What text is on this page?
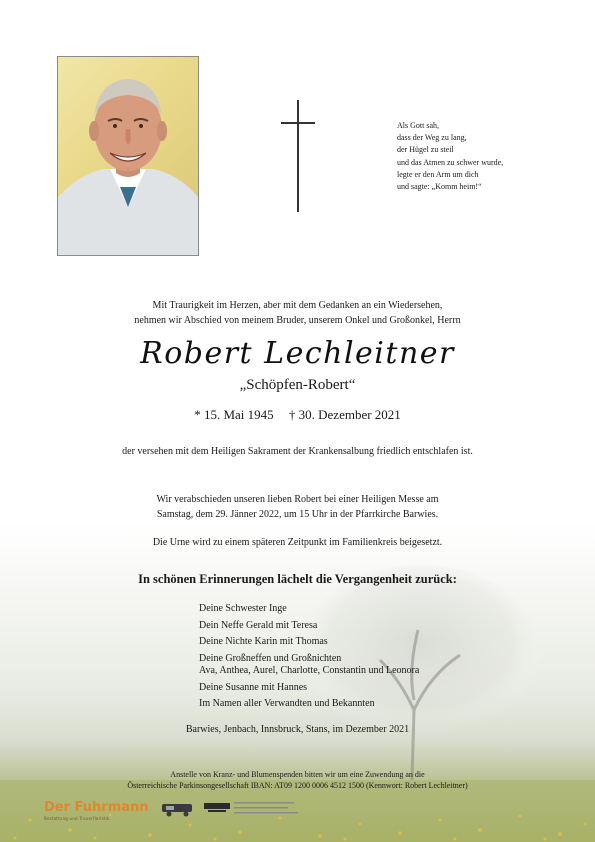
Als Gott sah,
dass der Weg zu lang,
der Hügel zu steil
und das Atmen zu schwer wurde,
legte er den Arm um dich
und sagte: „Komm heim!“
Mit Traurigkeit im Herzen, aber mit dem Gedanken an ein Wiedersehen,
nehmen wir Abschied von meinem Bruder, unserem Onkel und Großonkel, Herrn
Robert Lechleitner
„Schöpfen-Robert“
* 15. Mai 1945 † 30. Dezember 2021
der versehen mit dem Heiligen Sakrament der Krankensalbung friedlich entschlafen ist.
Wir verabschieden unseren lieben Robert bei einer Heiligen Messe am
Samstag, dem 29. Jänner 2022, um 15 Uhr in der Pfarrkirche Barwies.
Die Urne wird zu einem späteren Zeitpunkt im Familienkreis beigesetzt.
In schönen Erinnerungen lächelt die Vergangenheit zurück:
Deine Schwester Inge
Dein Neffe Gerald mit Teresa
Deine Nichte Karin mit Thomas
Deine Großneffen und Großnichten
Ava, Anthea, Aurel, Charlotte, Constantin und Leonora
Deine Susanne mit Hannes
Im Namen aller Verwandten und Bekannten
Barwies, Jenbach, Innsbruck, Stans, im Dezember 2021
Anstelle von Kranz- und Blumenspenden bitten wir um eine Zuwendung an die
Österreichische Parkinsongesellschaft IBAN: AT09 1200 0006 4512 1500 (Kennwort: Robert Lechleitner)
Der Fuhrmann
Bestattung und Trauerfloristik
